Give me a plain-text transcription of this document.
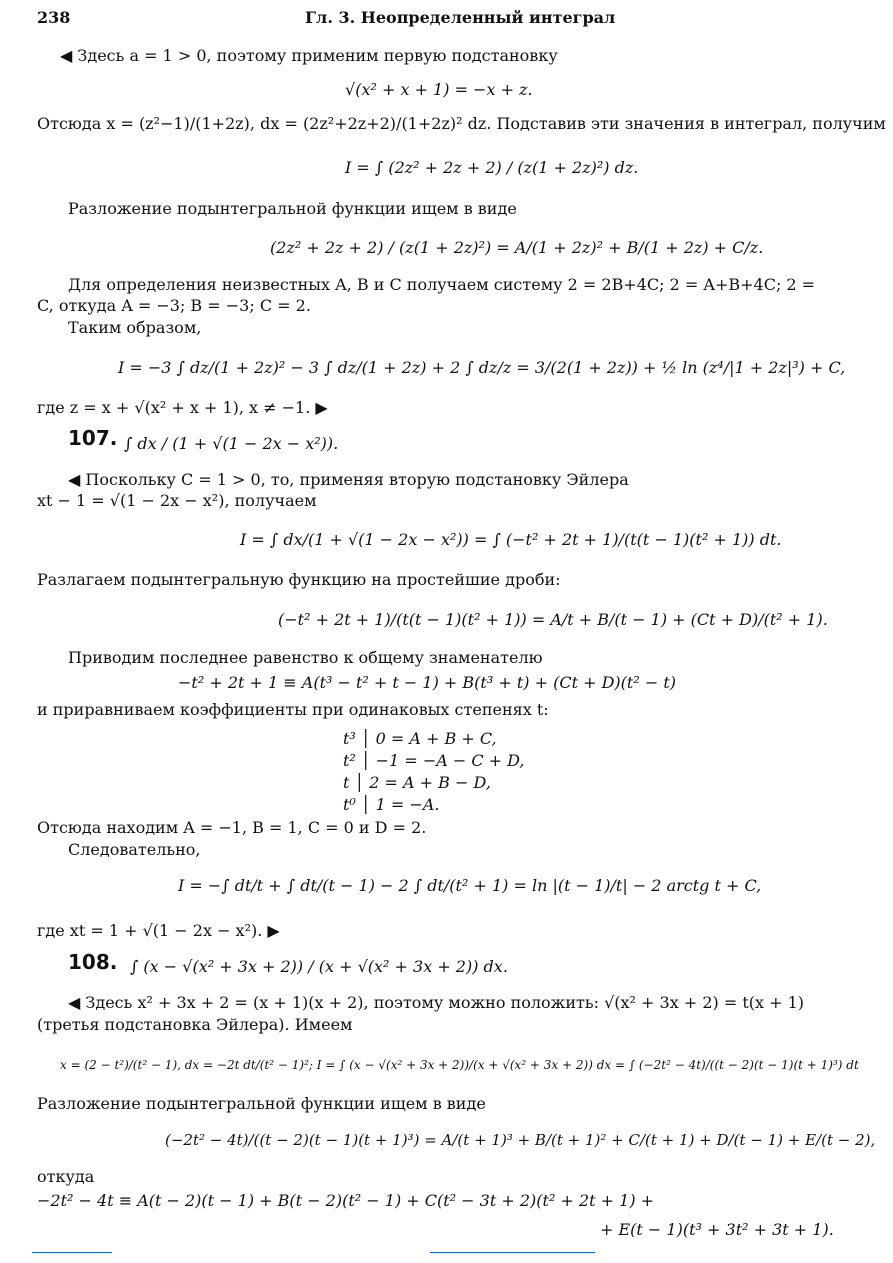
238	Гл. 3. Неопределенный интеграл
◀ Здесь a = 1 > 0, поэтому применим первую подстановку
√(x² + x + 1) = −x + z.
Отсюда x = (z²−1)/(1+2z), dx = (2z²+2z+2)/(1+2z)² dz. Подставив эти значения в интеграл, получим
I = ∫ (2z² + 2z + 2) / (z(1 + 2z)²) dz.
Разложение подынтегральной функции ищем в виде
(2z² + 2z + 2) / (z(1 + 2z)²) = A/(1 + 2z)² + B/(1 + 2z) + C/z.
Для определения неизвестных A, B и C получаем систему 2 = 2B+4C; 2 = A+B+4C; 2 =
C, откуда A = −3; B = −3; C = 2.
Таким образом,
I = −3 ∫ dz/(1 + 2z)² − 3 ∫ dz/(1 + 2z) + 2 ∫ dz/z = 3/(2(1 + 2z)) + ½ ln (z⁴/|1 + 2z|³) + C,
где z = x + √(x² + x + 1), x ≠ −1. ▶
107. ∫ dx / (1 + √(1 − 2x − x²)).
◀ Поскольку C = 1 > 0, то, применяя вторую подстановку Эйлера
xt − 1 = √(1 − 2x − x²), получаем
I = ∫ dx/(1 + √(1 − 2x − x²)) = ∫ (−t² + 2t + 1)/(t(t − 1)(t² + 1)) dt.
Разлагаем подынтегральную функцию на простейшие дроби:
(−t² + 2t + 1)/(t(t − 1)(t² + 1)) = A/t + B/(t − 1) + (Ct + D)/(t² + 1).
Приводим последнее равенство к общему знаменателю
−t² + 2t + 1 ≡ A(t³ − t² + t − 1) + B(t³ + t) + (Ct + D)(t² − t)
и приравниваем коэффициенты при одинаковых степенях t:
t³ │ 0 = A + B + C,
t² │ −1 = −A − C + D,
t │ 2 = A + B − D,
t⁰ │ 1 = −A.
Отсюда находим A = −1, B = 1, C = 0 и D = 2.
Следовательно,
I = −∫ dt/t + ∫ dt/(t − 1) − 2 ∫ dt/(t² + 1) = ln |(t − 1)/t| − 2 arctg t + C,
где xt = 1 + √(1 − 2x − x²). ▶
108. ∫ (x − √(x² + 3x + 2)) / (x + √(x² + 3x + 2)) dx.
◀ Здесь x² + 3x + 2 = (x + 1)(x + 2), поэтому можно положить: √(x² + 3x + 2) = t(x + 1)
(третья подстановка Эйлера). Имеем
x = (2 − t²)/(t² − 1), dx = −2t dt/(t² − 1)²; I = ∫ (x − √(x² + 3x + 2))/(x + √(x² + 3x + 2)) dx = ∫ (−2t² − 4t)/((t − 2)(t − 1)(t + 1)³) dt
Разложение подынтегральной функции ищем в виде
(−2t² − 4t)/((t − 2)(t − 1)(t + 1)³) = A/(t + 1)³ + B/(t + 1)² + C/(t + 1) + D/(t − 1) + E/(t − 2),
откуда
−2t² − 4t ≡ A(t − 2)(t − 1) + B(t − 2)(t² − 1) + C(t² − 3t + 2)(t² + 2t + 1) +
+ E(t − 1)(t³ + 3t² + 3t + 1).
